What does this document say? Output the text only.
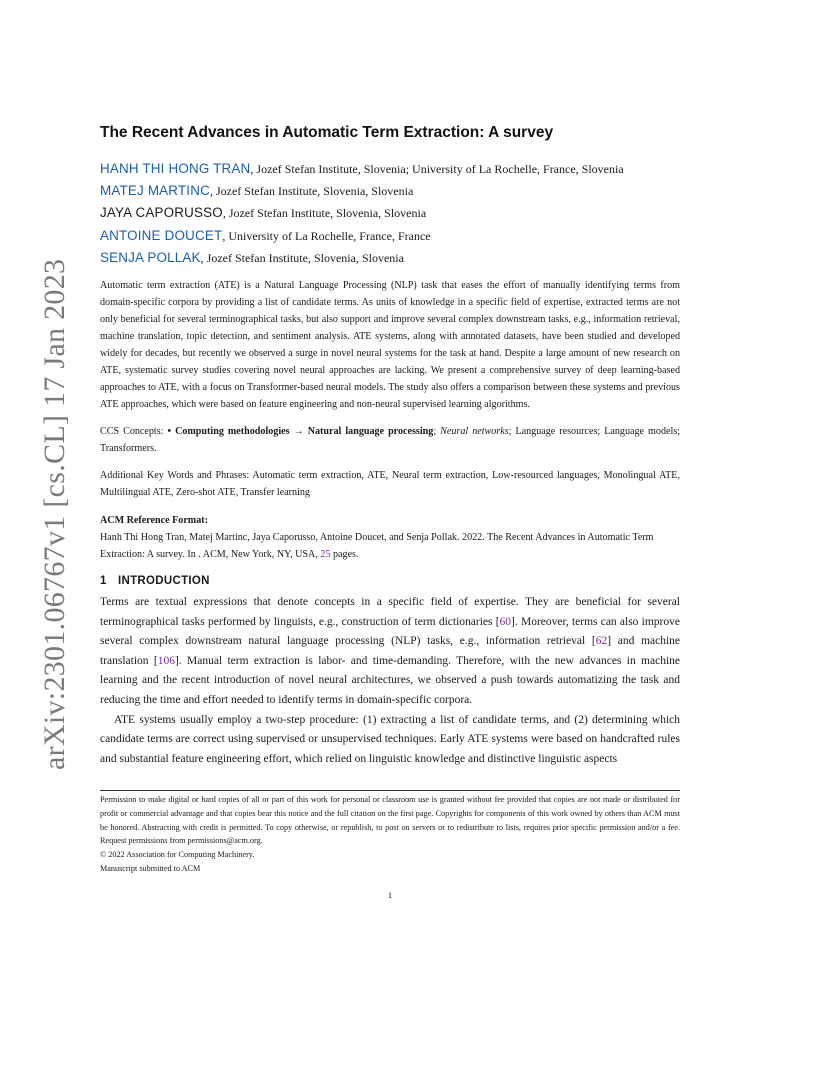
arXiv:2301.06767v1 [cs.CL] 17 Jan 2023
The Recent Advances in Automatic Term Extraction: A survey

HANH THI HONG TRAN, Jozef Stefan Institute, Slovenia; University of La Rochelle, France, Slovenia

MATEJ MARTINC, Jozef Stefan Institute, Slovenia, Slovenia

JAYA CAPORUSSO, Jozef Stefan Institute, Slovenia, Slovenia

ANTOINE DOUCET, University of La Rochelle, France, France

SENJA POLLAK, Jozef Stefan Institute, Slovenia, Slovenia

Automatic term extraction (ATE) is a Natural Language Processing (NLP) task that eases the effort of manually identifying terms from domain-specific corpora by providing a list of candidate terms. As units of knowledge in a specific field of expertise, extracted terms are not only beneficial for several terminographical tasks, but also support and improve several complex downstream tasks, e.g., information retrieval, machine translation, topic detection, and sentiment analysis. ATE systems, along with annotated datasets, have been studied and developed widely for decades, but recently we observed a surge in novel neural systems for the task at hand. Despite a large amount of new research on ATE, systematic survey studies covering novel neural approaches are lacking. We present a comprehensive survey of deep learning-based approaches to ATE, with a focus on Transformer-based neural models. The study also offers a comparison between these systems and previous ATE approaches, which were based on feature engineering and non-neural supervised learning algorithms.

CCS Concepts: • Computing methodologies → Natural language processing; Neural networks; Language resources; Language models; Transformers.

Additional Key Words and Phrases: Automatic term extraction, ATE, Neural term extraction, Low-resourced languages, Monolingual ATE, Multilingual ATE, Zero-shot ATE, Transfer learning

ACM Reference Format:

Hanh Thi Hong Tran, Matej Martinc, Jaya Caporusso, Antoine Doucet, and Senja Pollak. 2022. The Recent Advances in Automatic Term Extraction: A survey. In . ACM, New York, NY, USA, 25 pages.

1 INTRODUCTION

Terms are textual expressions that denote concepts in a specific field of expertise. They are beneficial for several terminographical tasks performed by linguists, e.g., construction of term dictionaries [60]. Moreover, terms can also improve several complex downstream natural language processing (NLP) tasks, e.g., information retrieval [62] and machine translation [106]. Manual term extraction is labor- and time-demanding. Therefore, with the new advances in machine learning and the recent introduction of novel neural architectures, we observed a push towards automatizing the task and reducing the time and effort needed to identify terms in domain-specific corpora.

ATE systems usually employ a two-step procedure: (1) extracting a list of candidate terms, and (2) determining which candidate terms are correct using supervised or unsupervised techniques. Early ATE systems were based on handcrafted rules and substantial feature engineering effort, which relied on linguistic knowledge and distinctive linguistic aspects

Permission to make digital or hard copies of all or part of this work for personal or classroom use is granted without fee provided that copies are not made or distributed for profit or commercial advantage and that copies bear this notice and the full citation on the first page. Copyrights for components of this work owned by others than ACM must be honored. Abstracting with credit is permitted. To copy otherwise, or republish, to post on servers or to redistribute to lists, requires prior specific permission and/or a fee. Request permissions from permissions@acm.org.

© 2022 Association for Computing Machinery.

Manuscript submitted to ACM

1
